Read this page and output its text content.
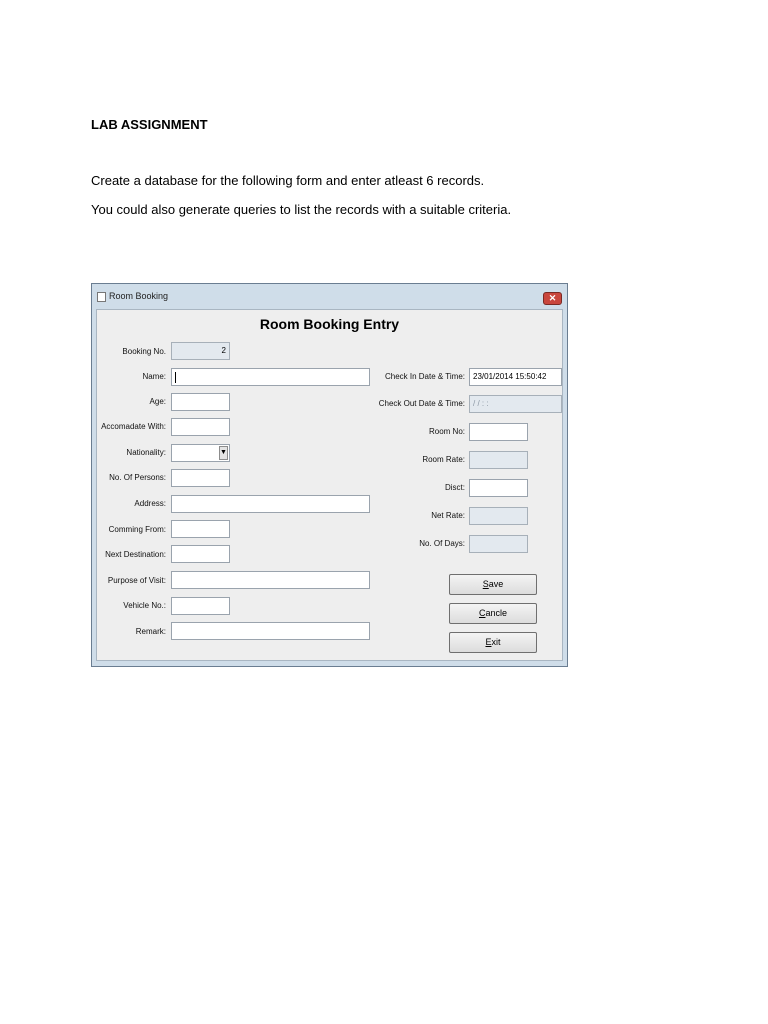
LAB ASSIGNMENT
Create a database for the following form and enter atleast 6 records.
You could also generate queries to list the records with a suitable criteria.
Room Booking	✕
Room Booking Entry
Booking No.	2
Name:
Age:
Accomadate With:
Nationality:	▼
No. Of Persons:
Address:
Comming From:
Next Destination:
Purpose of Visit:
Vehicle No.:
Remark:
Check In Date & Time:	23/01/2014 15:50:42
Check Out Date & Time:	/ / : :
Room No:
Room Rate:
Disct:
Net Rate:
No. Of Days:
Save
Cancle
Exit
